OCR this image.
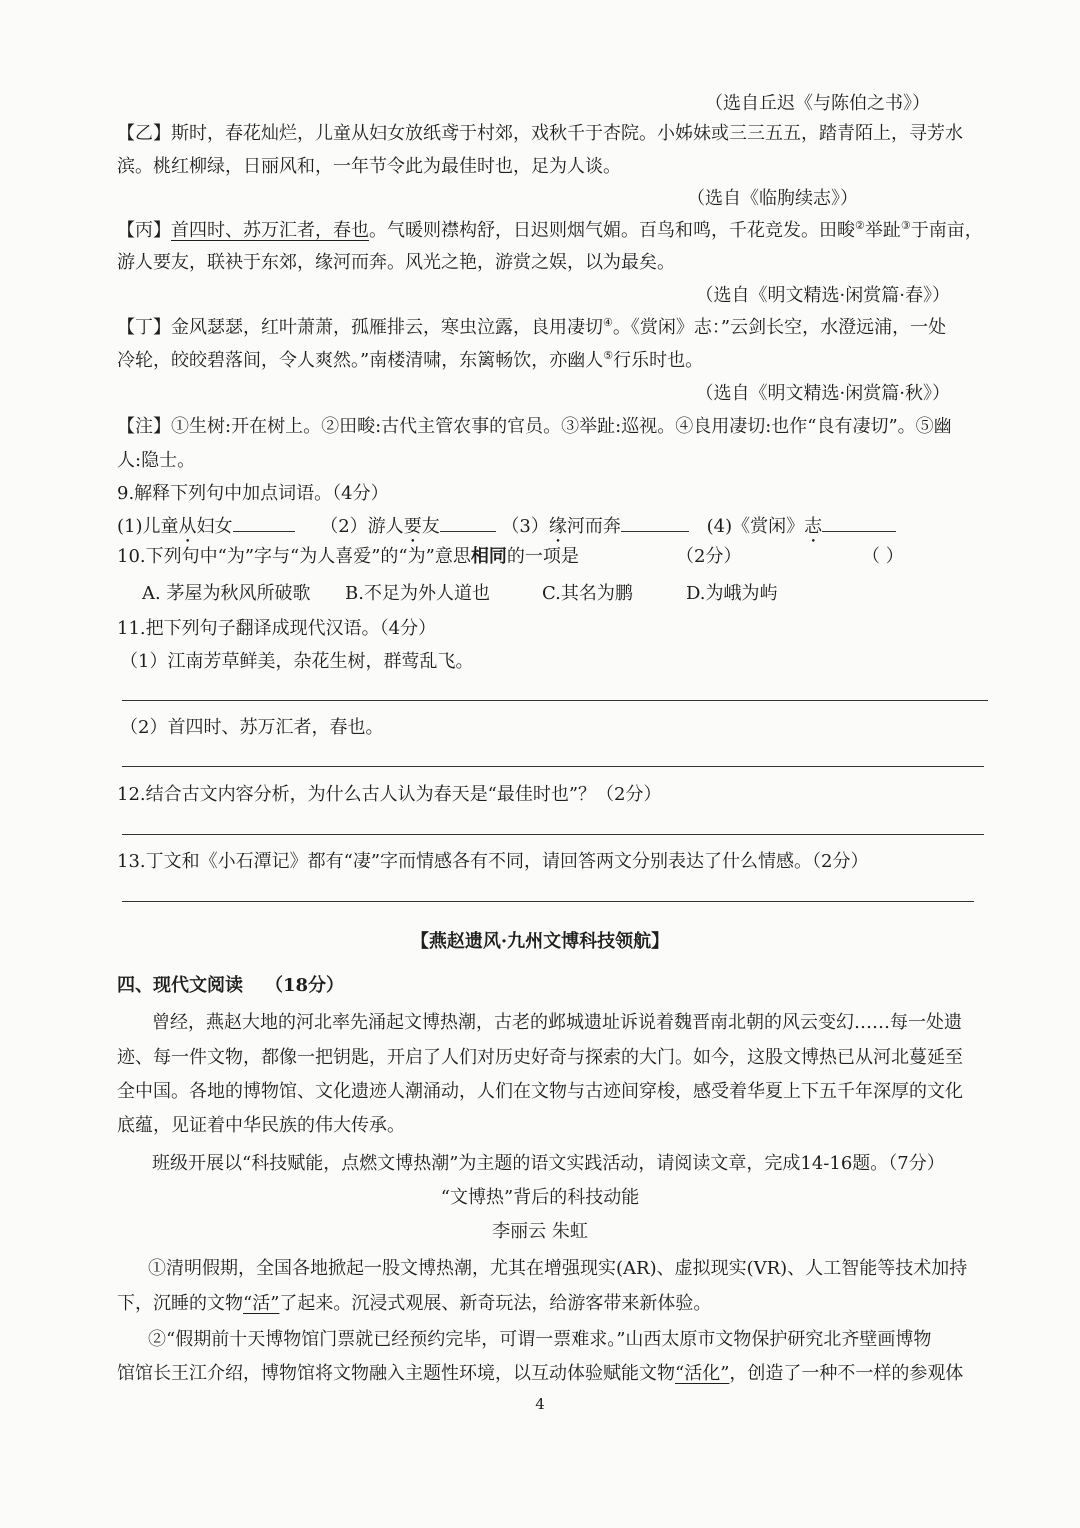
（选自丘迟《与陈伯之书》）
【乙】斯时，春花灿烂，儿童从妇女放纸鸢于村郊，戏秋千于杏院。小姊妹或三三五五，踏青陌上，寻芳水
滨。桃红柳绿，日丽风和，一年节令此为最佳时也，足为人谈。
（选自《临朐续志》）
【丙】首四时、苏万汇者，春也。气暖则襟构舒，日迟则烟气媚。百鸟和鸣，千花竞发。田畯②举趾③于南亩，
游人要友，联袂于东郊，缘河而奔。风光之艳，游赏之娱，以为最矣。
（选自《明文精选·闲赏篇·春》）
【丁】金风瑟瑟，红叶萧萧，孤雁排云，寒虫泣露，良用凄切④。《赏闲》志：”云剑长空，水澄远浦，一处
冷轮，皎皎碧落间，令人爽然。”南楼清啸，东篱畅饮，亦幽人⑤行乐时也。
（选自《明文精选·闲赏篇·秋》）
【注】①生树:开在树上。②田畯:古代主管农事的官员。③举趾:巡视。④良用凄切:也作“良有凄切”。⑤幽
人:隐士。
9.解释下列句中加点词语。（4分）
(1)儿童从妇女	（2）游人要友	（3）缘河而奔	(4)《赏闲》志
10.下列句中“为”字与“为人喜爱”的“为”意思相同的一项是	（2分）	（ ）
A. 茅屋为秋风所破歌 B.不足为外人道也	C.其名为鹏	D.为峨为屿
11.把下列句子翻译成现代汉语。（4分）
（1）江南芳草鲜美，杂花生树，群莺乱飞。
（2）首四时、苏万汇者，春也。
12.结合古文内容分析，为什么古人认为春天是“最佳时也”？（2分）
13.丁文和《小石潭记》都有“凄”字而情感各有不同，请回答两文分别表达了什么情感。（2分）
【燕赵遗风·九州文博科技领航】
四、现代文阅读 （18分）
曾经，燕赵大地的河北率先涌起文博热潮，古老的邺城遗址诉说着魏晋南北朝的风云变幻……每一处遗
迹、每一件文物，都像一把钥匙，开启了人们对历史好奇与探索的大门。如今，这股文博热已从河北蔓延至
全中国。各地的博物馆、文化遗迹人潮涌动，人们在文物与古迹间穿梭，感受着华夏上下五千年深厚的文化
底蕴，见证着中华民族的伟大传承。
班级开展以“科技赋能，点燃文博热潮”为主题的语文实践活动，请阅读文章，完成14-16题。（7分）
“文博热”背后的科技动能
李丽云 朱虹
①清明假期，全国各地掀起一股文博热潮，尤其在增强现实(AR)、虚拟现实(VR)、人工智能等技术加持
下，沉睡的文物“活”了起来。沉浸式观展、新奇玩法，给游客带来新体验。
②“假期前十天博物馆门票就已经预约完毕，可谓一票难求。”山西太原市文物保护研究北齐壁画博物
馆馆长王江介绍，博物馆将文物融入主题性环境，以互动体验赋能文物“活化”，创造了一种不一样的参观体
4
